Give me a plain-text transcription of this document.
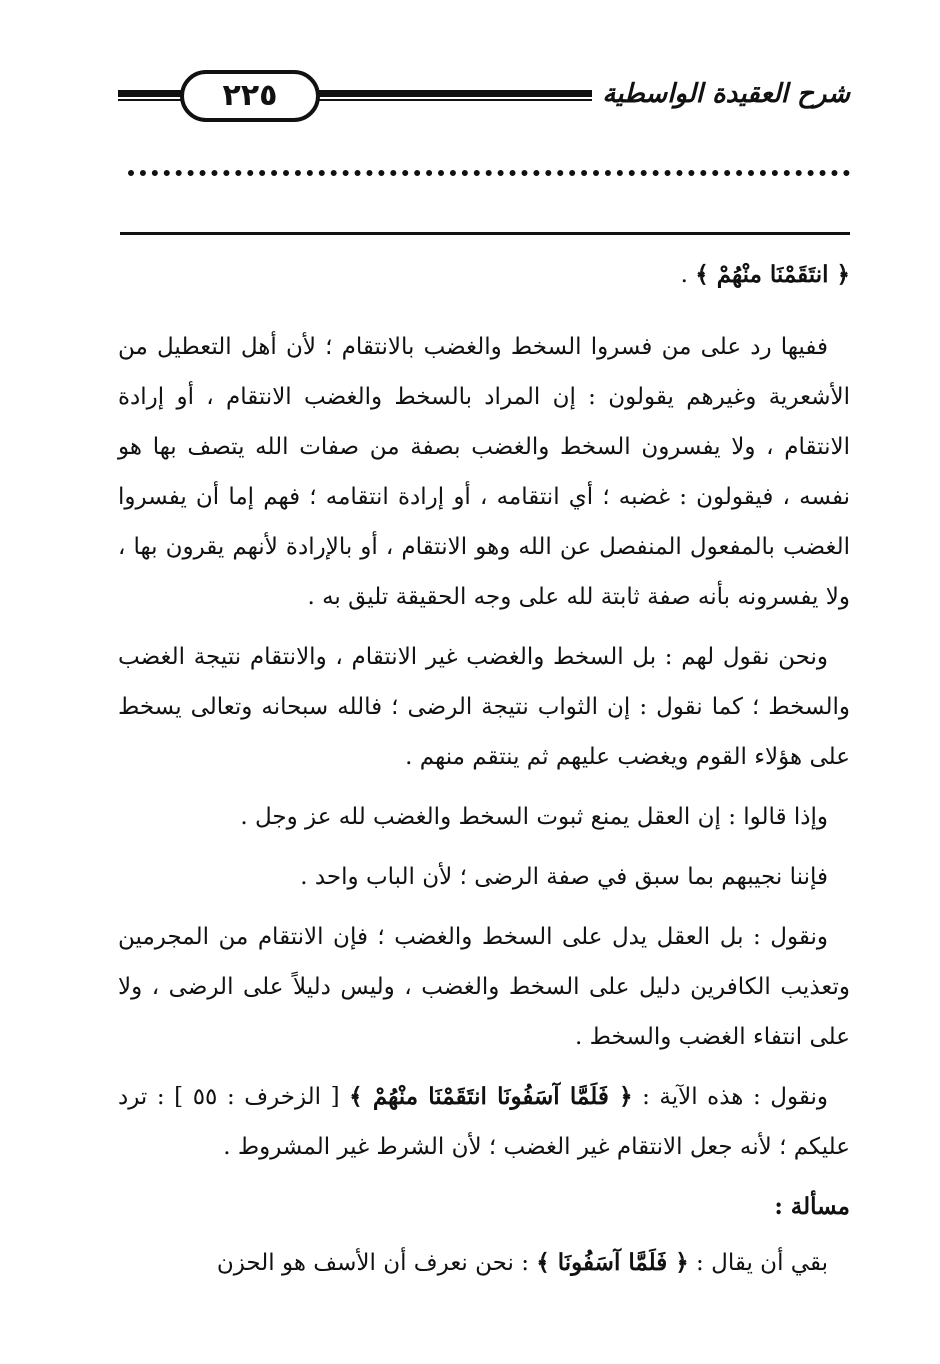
شرح العقيدة الواسطية
٢٢٥

﴿ انتَقَمْنَا منْهُمْ ﴾ .

ففيها رد على من فسروا السخط والغضب بالانتقام ؛ لأن أهل التعطيل من الأشعرية وغيرهم يقولون : إن المراد بالسخط والغضب الانتقام ، أو إرادة الانتقام ، ولا يفسرون السخط والغضب بصفة من صفات الله يتصف بها هو نفسه ، فيقولون : غضبه ؛ أي انتقامه ، أو إرادة انتقامه ؛ فهم إما أن يفسروا الغضب بالمفعول المنفصل عن الله وهو الانتقام ، أو بالإرادة لأنهم يقرون بها ، ولا يفسرونه بأنه صفة ثابتة لله على وجه الحقيقة تليق به .

ونحن نقول لهم : بل السخط والغضب غير الانتقام ، والانتقام نتيجة الغضب والسخط ؛ كما نقول : إن الثواب نتيجة الرضى ؛ فالله سبحانه وتعالى يسخط على هؤلاء القوم ويغضب عليهم ثم ينتقم منهم .

وإذا قالوا : إن العقل يمنع ثبوت السخط والغضب لله عز وجل .

فإننا نجيبهم بما سبق في صفة الرضى ؛ لأن الباب واحد .

ونقول : بل العقل يدل على السخط والغضب ؛ فإن الانتقام من المجرمين وتعذيب الكافرين دليل على السخط والغضب ، وليس دليلاً على الرضى ، ولا على انتفاء الغضب والسخط .

ونقول : هذه الآية : ﴿ فَلَمَّا آسَفُونَا انتَقَمْنَا منْهُمْ ﴾ [ الزخرف : ٥٥ ] : ترد عليكم ؛ لأنه جعل الانتقام غير الغضب ؛ لأن الشرط غير المشروط .

مسألة :

بقي أن يقال : ﴿ فَلَمَّا آسَفُونَا ﴾ : نحن نعرف أن الأسف هو الحزن
